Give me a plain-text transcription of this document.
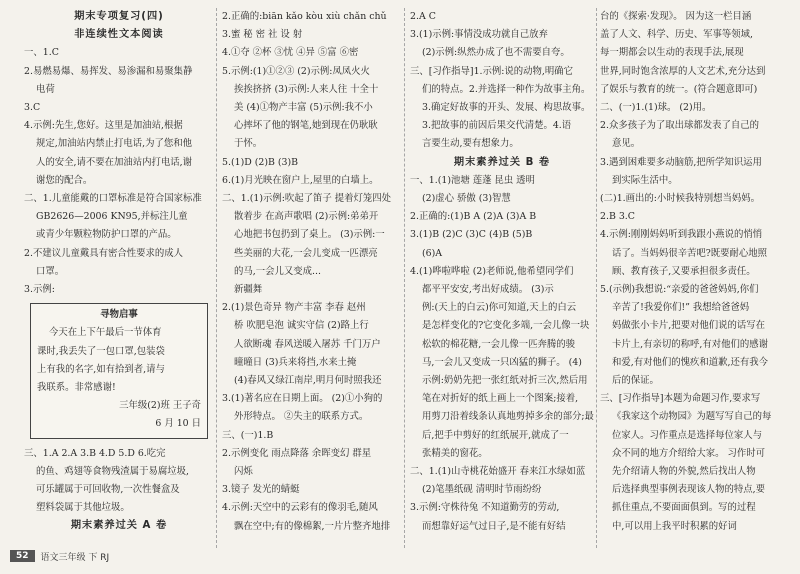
期末专项复习(四)
非连续性文本阅读
一、1.C
2.易燃易爆、易挥发、易渗漏和易聚集静
电荷
3.C
4.示例:先生,您好。这里是加油站,根据
规定,加油站内禁止打电话,为了您和他
人的安全,请不要在加油站内打电话,谢
谢您的配合。
二、1.儿童能戴的口罩标准是符合国家标准
GB2626—2006 KN95,并标注儿童
或青少年颗粒物防护口罩的产品。
2.不建议儿童戴具有密合性要求的成人
口罩。
3.示例:
寻物启事
今天在上下午最后一节体育
课时,我丢失了一包口罩,包装袋
上有我的名字,如有拾到者,请与
我联系。非常感谢!
三年级(2)班 王子奇
6 月 10 日
三、1.A 2.A 3.B 4.D 5.D 6.吃完
的鱼、鸡翅等食物残渣属于易腐垃圾,
可乐罐属于可回收物,一次性餐盒及
塑料袋属于其他垃圾。
期末素养过关 A 卷
2.正确的:biān kǎo kòu xiù chǎn chǔ
3.蜜 秘 密 社 设 射
4.①夺 ②杯 ③忧 ④异 ⑤富 ⑥密
5.示例:(1)①②③ (2)示例:凤凤火火
挨挨挤挤 (3)示例:人来人往 十全十
美 (4)①物产丰富 (5)示例:我不小
心摔坏了他的钢笔,她到现在仍耿耿
于怀。
5.(1)D (2)B (3)B
6.(1)月光映在窗户上,屋里的白墙上。
二、1.(1)示例:吹起了笛子 提着灯笼四处
散着步 在高声歌唱 (2)示例:弟弟开
心地把书包扔到了桌上。 (3)示例:一
些美丽的大花,一会儿变成一匹漂亮
的马,一会儿又变成...
新疆舞
2.(1)景色奇异 物产丰富 李春 赵州
桥 吹肥皂泡 诚实守信 (2)路上行
人欲断魂 春风送暖入屠苏 千门万户
曈曈日 (3)兵来将挡,水来土掩
(4)春风又绿江南岸,明月何时照我还
3.(1)著名应在日期上面。 (2)①小狗的
外形特点。 ②失主的联系方式。
三、(一)1.B
2.示例变化 雨点降落 余晖变幻 群星
闪烁
3.镜子 发光的蜻蜓
4.示例:天空中的云彩有的像羽毛,随风
飘在空中;有的像棉絮,一片片整齐地排
2.A C
3.(1)示例:事情没成功就自己放弃
(2)示例:纵然办成了也不需要自夸。
三、[习作指导]1.示例:说的动物,明确它
们的特点。2.并选择一种作为故事主角。
3.确定好故事的开头、发展、构思故事。
3.把故事的前因后果交代清楚。4.语
言要生动,要有想象力。
期末素养过关 B 卷
一、1.(1)池塘 莲蓬 昆虫 透明
(2)虚心 骄傲 (3)智慧
2.正确的:(1)B A (2)A (3)A B
3.(1)B (2)C (3)C (4)B (5)B
(6)A
4.(1)哗啦哗啦 (2)老师说,他希望同学们
都平平安安,考出好成绩。 (3)示
例:(天上的白云)你可知道,天上的白云
是怎样变化的?它变化多端,一会儿像一块
松软的棉花糖,一会儿像一匹奔腾的骏
马,一会儿又变成一只凶猛的狮子。 (4)
示例:奶奶先把一张红纸对折三次,然后用
笔在对折好的纸上画上一个图案;接着,
用剪刀沿着线条认真地剪掉多余的部分;最
后,把手中剪好的红纸展开,就成了一
张精美的窗花。
二、1.(1)山寺桃花始盛开 春来江水绿如蓝
(2)笔墨纸砚 清明时节雨纷纷
3.示例:守株待兔 不知道勤劳的劳动,
而想靠好运气过日子,是不能有好结
台的《探索·发现》。 因为这一栏目涵
盖了人文、科学、历史、军事等领域,
每一期都会以生动的表现手法,展现
世界,同时饱含浓厚的人文艺术,充分达到
了娱乐与教育的统一。(符合题意即可)
二、(一)1.(1)球。 (2)用。
2.众多孩子为了取出球都发表了自己的
意见。
3.遇到困难要多动脑筋,把所学知识运用
到实际生活中。
(二)1.画出的:小时候我特别想当妈妈。
2.B 3.C
4.示例:刚刚妈妈听到我跟小燕说的悄悄
话了。当妈妈很辛苦吧?既要耐心地照
顾、教育孩子,又要承担很多责任。
5.(示例)我想说:“亲爱的爸爸妈妈,你们
辛苦了!我爱你们!” 我想给爸爸妈
妈做张小卡片,把要对他们说的话写在
卡片上,有亲切的称呼,有对他们的感谢
和爱,有对他们的愧疚和道歉,还有我今
后的保证。
三、[习作指导]本题为命题习作,要求写
《我家这个动物园》为题写写自己的每
位家人。习作重点是选择每位家人与
众不同的地方介绍给大家。 习作时可
先介绍请人物的外貌,然后找出人物
后选择典型事例表现该人物的特点,要
抓住重点,不要面面俱到。写的过程
中,可以用上我平时积累的好词
52	语文三年级 下 RJ
